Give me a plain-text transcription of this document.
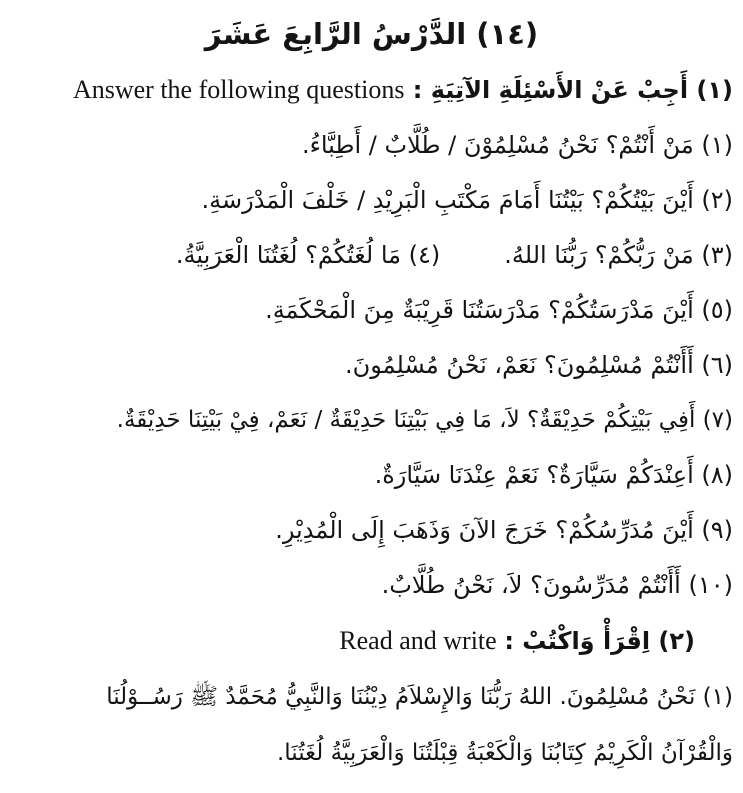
(١٤) الدَّرْسُ الرَّابِعَ عَشَرَ
(١) أَجِبْ عَنْ الأَسْئِلَةِ الآتِيَةِ : Answer the following questions
(١) مَنْ أَنْتُمْ؟ نَحْنُ مُسْلِمُوْنَ / طُلَّابٌ / أَطِبَّاءُ.
(٢) أَيْنَ بَيْتُكُمْ؟ بَيْتُنَا أَمَامَ مَكْتَبِ الْبَرِيْدِ / خَلْفَ الْمَدْرَسَةِ.
(٣) مَنْ رَبُّكُمْ؟ رَبُّنَا اللهُ.
(٤) مَا لُغَتُكُمْ؟ لُغَتُنَا الْعَرَبِيَّةُ.
(٥) أَيْنَ مَدْرَسَتُكُمْ؟ مَدْرَسَتُنَا قَرِيْبَةٌ مِنَ الْمَحْكَمَةِ.
(٦) أَأَنْتُمْ مُسْلِمُونَ؟ نَعَمْ، نَحْنُ مُسْلِمُونَ.
(٧) أَفِي بَيْتِكُمْ حَدِيْقَةٌ؟ لاَ، مَا فِي بَيْتِنَا حَدِيْقَةٌ / نَعَمْ، فِيْ بَيْتِنَا حَدِيْقَةٌ.
(٨) أَعِنْدَكُمْ سَيَّارَةٌ؟ نَعَمْ عِنْدَنَا سَيَّارَةٌ.
(٩) أَيْنَ مُدَرِّسُكُمْ؟ خَرَجَ الآنَ وَذَهَبَ إِلَى الْمُدِيْرِ.
(١٠) أَأَنْتُمْ مُدَرِّسُونَ؟ لاَ، نَحْنُ طُلَّابٌ.
(٢) اِقْرَأْ وَاكْتُبْ : Read and write
(١) نَحْنُ مُسْلِمُونَ. اللهُ رَبُّنَا وَالإِسْلاَمُ دِيْنُنَا وَالنَّبِيُّ مُحَمَّدٌ ﷺ رَسُــوْلُنَا
وَالْقُرْآنُ الْكَرِيْمُ كِتَابُنَا وَالْكَعْبَةُ قِبْلَتُنَا وَالْعَرَبِيَّةُ لُغَتُنَا.
